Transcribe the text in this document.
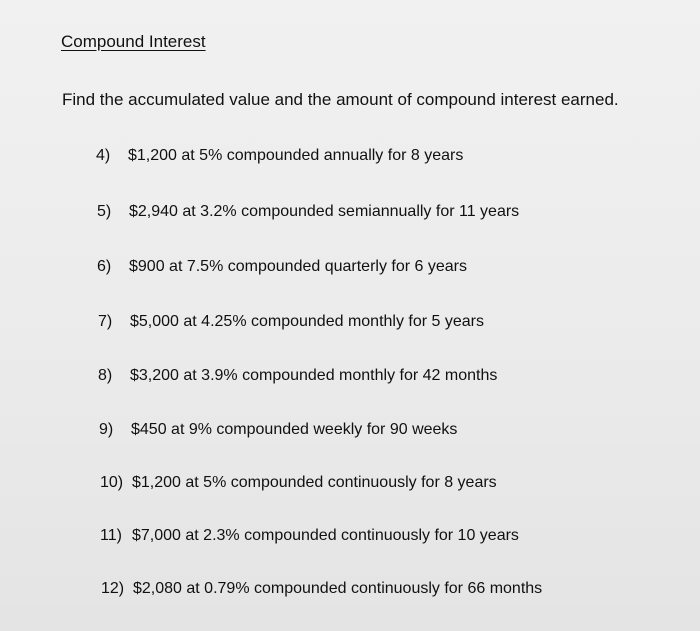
Compound Interest
Find the accumulated value and the amount of compound interest earned.
4) $1,200 at 5% compounded annually for 8 years
5) $2,940 at 3.2% compounded semiannually for 11 years
6) $900 at 7.5% compounded quarterly for 6 years
7) $5,000 at 4.25% compounded monthly for 5 years
8) $3,200 at 3.9% compounded monthly for 42 months
9) $450 at 9% compounded weekly for 90 weeks
10) $1,200 at 5% compounded continuously for 8 years
11) $7,000 at 2.3% compounded continuously for 10 years
12) $2,080 at 0.79% compounded continuously for 66 months
